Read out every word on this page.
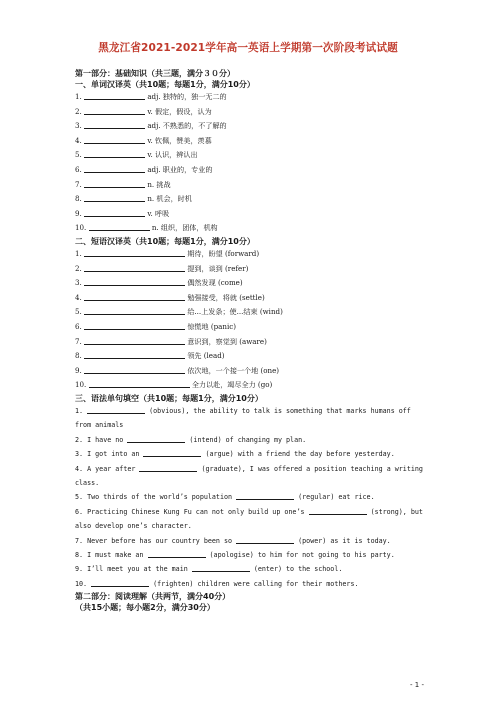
黑龙江省2021-2021学年高一英语上学期第一次阶段考试试题
第一部分：基础知识（共三题，满分３０分）
一、单词汉译英（共10题；每题1分，满分10分）
1.	adj. 独特的，独一无二的
2.	v. 假定，假设，认为
3.	adj. 不熟悉的，不了解的
4.	v. 钦佩，赞美，羡慕
5.	v. 认识，辨认出
6.	adj. 职业的，专业的
7.	n. 挑战
8.	n. 机会，时机
9.	v. 呼吸
10.	n. 组织，团体，机构
二、短语汉译英（共10题；每题1分，满分10分）
1.	期待，盼望 (forward)
2.	提到，谈到 (refer)
3.	偶然发现 (come)
4.	勉强接受，将就 (settle)
5.	给...上发条；使...结束 (wind)
6.	惊慌地 (panic)
7.	意识到，察觉到 (aware)
8.	领先 (lead)
9.	依次地，一个接一个地 (one)
10.	全力以赴，竭尽全力 (go)
三、语法单句填空（共10题；每题1分，满分10分）
1.	(obvious), the ability to talk is something that marks humans off from animals
2. I have no	(intend) of changing my plan.
3. I got into an	(argue) with a friend the day before yesterday.
4. A year after	(graduate), I was offered a position teaching a writing class.
5. Two thirds of the world’s population	(regular) eat rice.
6. Practicing Chinese Kung Fu can not only build up one’s	(strong), but also develop one’s character.
7. Never before has our country been so	(power) as it is today.
8. I must make an	(apologise) to him for not going to his party.
9. I’ll meet you at the main	(enter) to the school.
10.	(frighten) children were calling for their mothers.
第二部分：阅读理解（共两节，满分40分）
（共15小题；每小题2分，满分30分）
- 1 -
